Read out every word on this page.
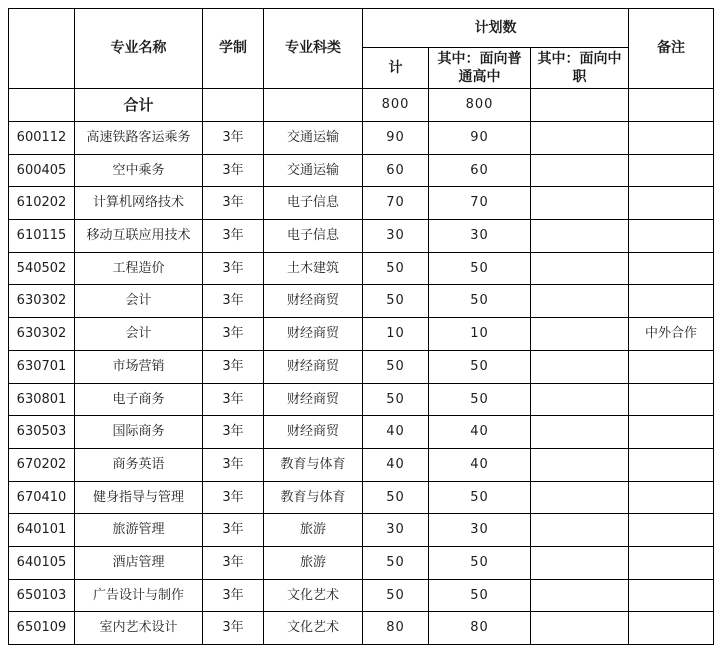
	专业名称	学制	专业科类	计划数			备注
				计	其中：面向普通高中	其中：面向中职	
	合计			800	800		
600112	高速铁路客运乘务	3年	交通运输	90	90		
600405	空中乘务	3年	交通运输	60	60		
610202	计算机网络技术	3年	电子信息	70	70		
610115	移动互联应用技术	3年	电子信息	30	30		
540502	工程造价	3年	土木建筑	50	50		
630302	会计	3年	财经商贸	50	50		
630302	会计	3年	财经商贸	10	10		中外合作
630701	市场营销	3年	财经商贸	50	50		
630801	电子商务	3年	财经商贸	50	50		
630503	国际商务	3年	财经商贸	40	40		
670202	商务英语	3年	教育与体育	40	40		
670410	健身指导与管理	3年	教育与体育	50	50		
640101	旅游管理	3年	旅游	30	30		
640105	酒店管理	3年	旅游	50	50		
650103	广告设计与制作	3年	文化艺术	50	50		
650109	室内艺术设计	3年	文化艺术	80	80		
